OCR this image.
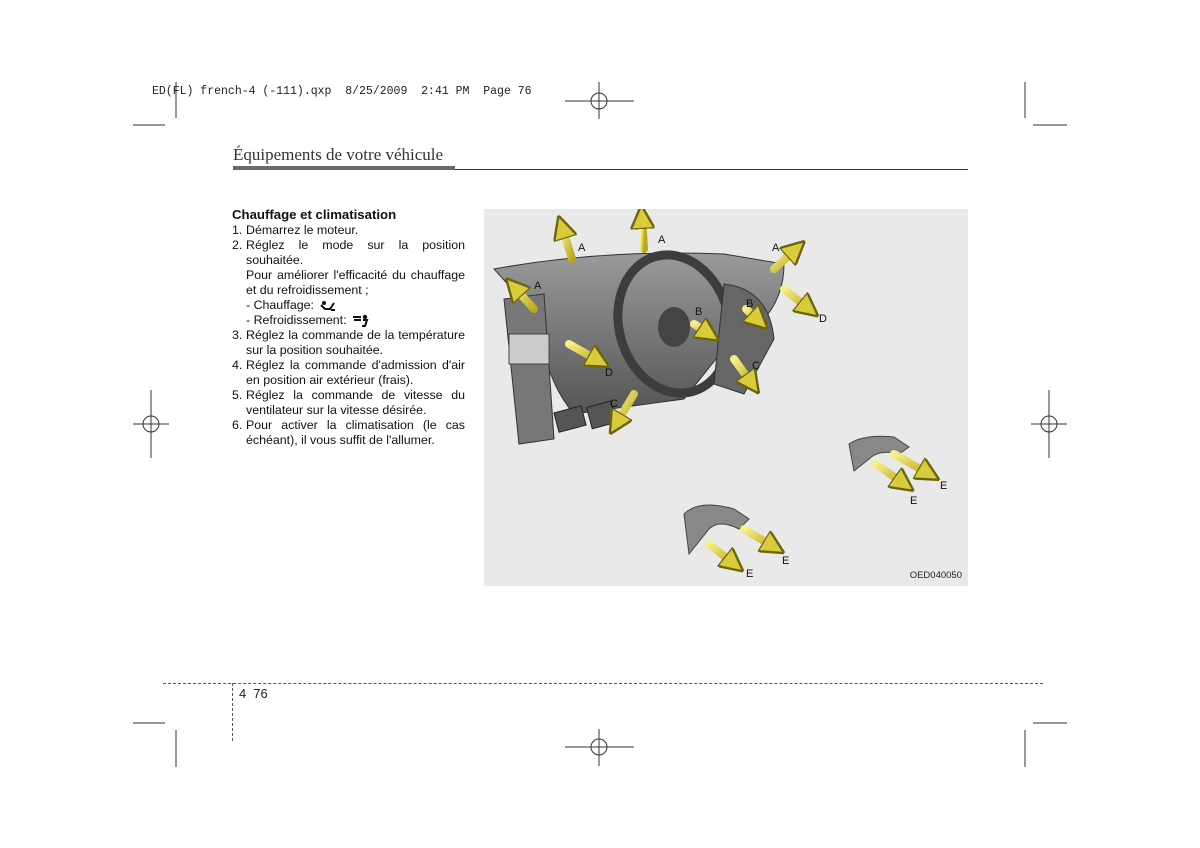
ED(FL) french-4 (-111).qxp  8/25/2009  2:41 PM  Page 76
Équipements de votre véhicule
Chauffage et climatisation
1. Démarrez le moteur.
2. Réglez le mode sur la position souhaitée.
Pour améliorer l'efficacité du chauffage et du refroidissement ;
- Chauffage:
- Refroidissement:
3. Réglez la commande de la température sur la position souhaitée.
4. Réglez la commande d'admission d'air en position air extérieur (frais).
5. Réglez la commande de vitesse du ventilateur sur la vitesse désirée.
6. Pour activer la climatisation (le cas échéant), il vous suffit de l'allumer.
A
A
A
A
B
B
C
C
D
D
E
E
E
E	OED040050
4 76
